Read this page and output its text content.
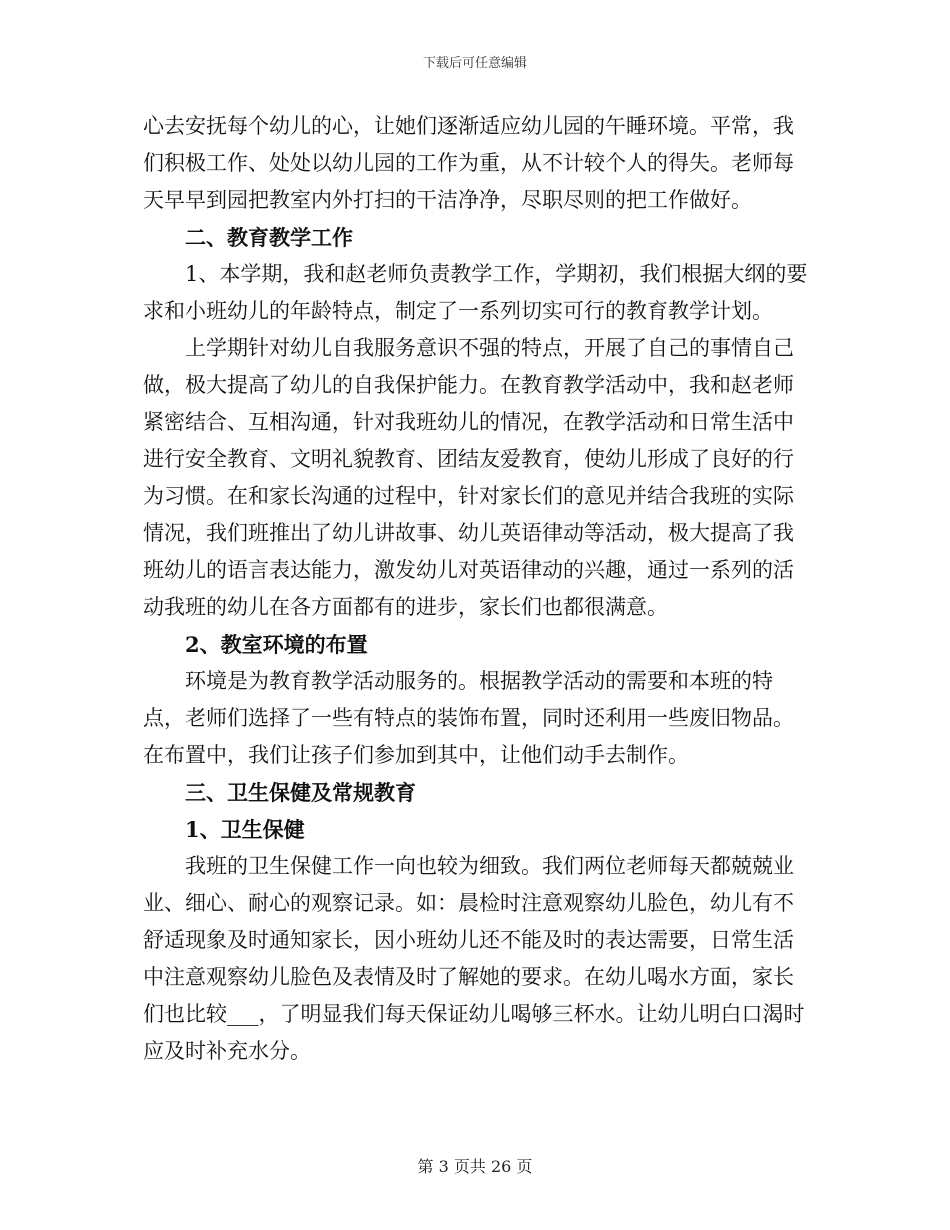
下载后可任意编辑

心去安抚每个幼儿的心，让她们逐渐适应幼儿园的午睡环境。平常，我们积极工作、处处以幼儿园的工作为重，从不计较个人的得失。老师每天早早到园把教室内外打扫的干洁净净，尽职尽则的把工作做好。

二、教育教学工作

1、本学期，我和赵老师负责教学工作，学期初，我们根据大纲的要求和小班幼儿的年龄特点，制定了一系列切实可行的教育教学计划。

上学期针对幼儿自我服务意识不强的特点，开展了自己的事情自己做，极大提高了幼儿的自我保护能力。在教育教学活动中，我和赵老师紧密结合、互相沟通，针对我班幼儿的情况，在教学活动和日常生活中进行安全教育、文明礼貌教育、团结友爱教育，使幼儿形成了良好的行为习惯。在和家长沟通的过程中，针对家长们的意见并结合我班的实际情况，我们班推出了幼儿讲故事、幼儿英语律动等活动，极大提高了我班幼儿的语言表达能力，激发幼儿对英语律动的兴趣，通过一系列的活动我班的幼儿在各方面都有的进步，家长们也都很满意。

2、教室环境的布置

环境是为教育教学活动服务的。根据教学活动的需要和本班的特点，老师们选择了一些有特点的装饰布置，同时还利用一些废旧物品。在布置中，我们让孩子们参加到其中，让他们动手去制作。

三、卫生保健及常规教育

1、卫生保健

我班的卫生保健工作一向也较为细致。我们两位老师每天都兢兢业业、细心、耐心的观察记录。如：晨检时注意观察幼儿脸色，幼儿有不舒适现象及时通知家长，因小班幼儿还不能及时的表达需要，日常生活中注意观察幼儿脸色及表情及时了解她的要求。在幼儿喝水方面，家长们也比较___，了明显我们每天保证幼儿喝够三杯水。让幼儿明白口渴时应及时补充水分。

第 3 页共 26 页
